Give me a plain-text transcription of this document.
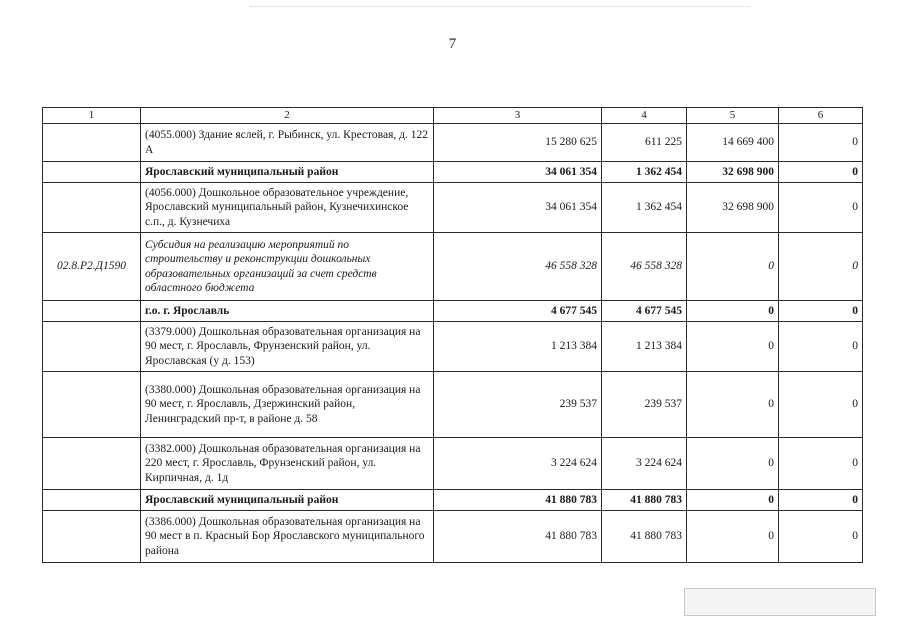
7
1	2	3	4	5	6
	(4055.000) Здание яслей, г. Рыбинск, ул. Крестовая, д. 122 А	15 280 625	611 225	14 669 400	0
	Ярославский муниципальный район	34 061 354	1 362 454	32 698 900	0
	(4056.000) Дошкольное образовательное учреждение, Ярославский муниципальный район, Кузнечихинское с.п., д. Кузнечиха	34 061 354	1 362 454	32 698 900	0
02.8.P2.Д1590	Субсидия на реализацию мероприятий по строительству и реконструкции дошкольных образовательных организаций за счет средств областного бюджета	46 558 328	46 558 328	0	0
	г.о. г. Ярославль	4 677 545	4 677 545	0	0
	(3379.000) Дошкольная образовательная организация на 90 мест, г. Ярославль, Фрунзенский район, ул. Ярославская (у д. 153)	1 213 384	1 213 384	0	0
	(3380.000) Дошкольная образовательная организация на 90 мест, г. Ярославль, Дзержинский район, Ленинградский пр-т, в районе д. 58	239 537	239 537	0	0
	(3382.000) Дошкольная образовательная организация на 220 мест, г. Ярославль, Фрунзенский район, ул. Кирпичная, д. 1д	3 224 624	3 224 624	0	0
	Ярославский муниципальный район	41 880 783	41 880 783	0	0
	(3386.000) Дошкольная образовательная организация на 90 мест в п. Красный Бор Ярославского муниципального района	41 880 783	41 880 783	0	0
